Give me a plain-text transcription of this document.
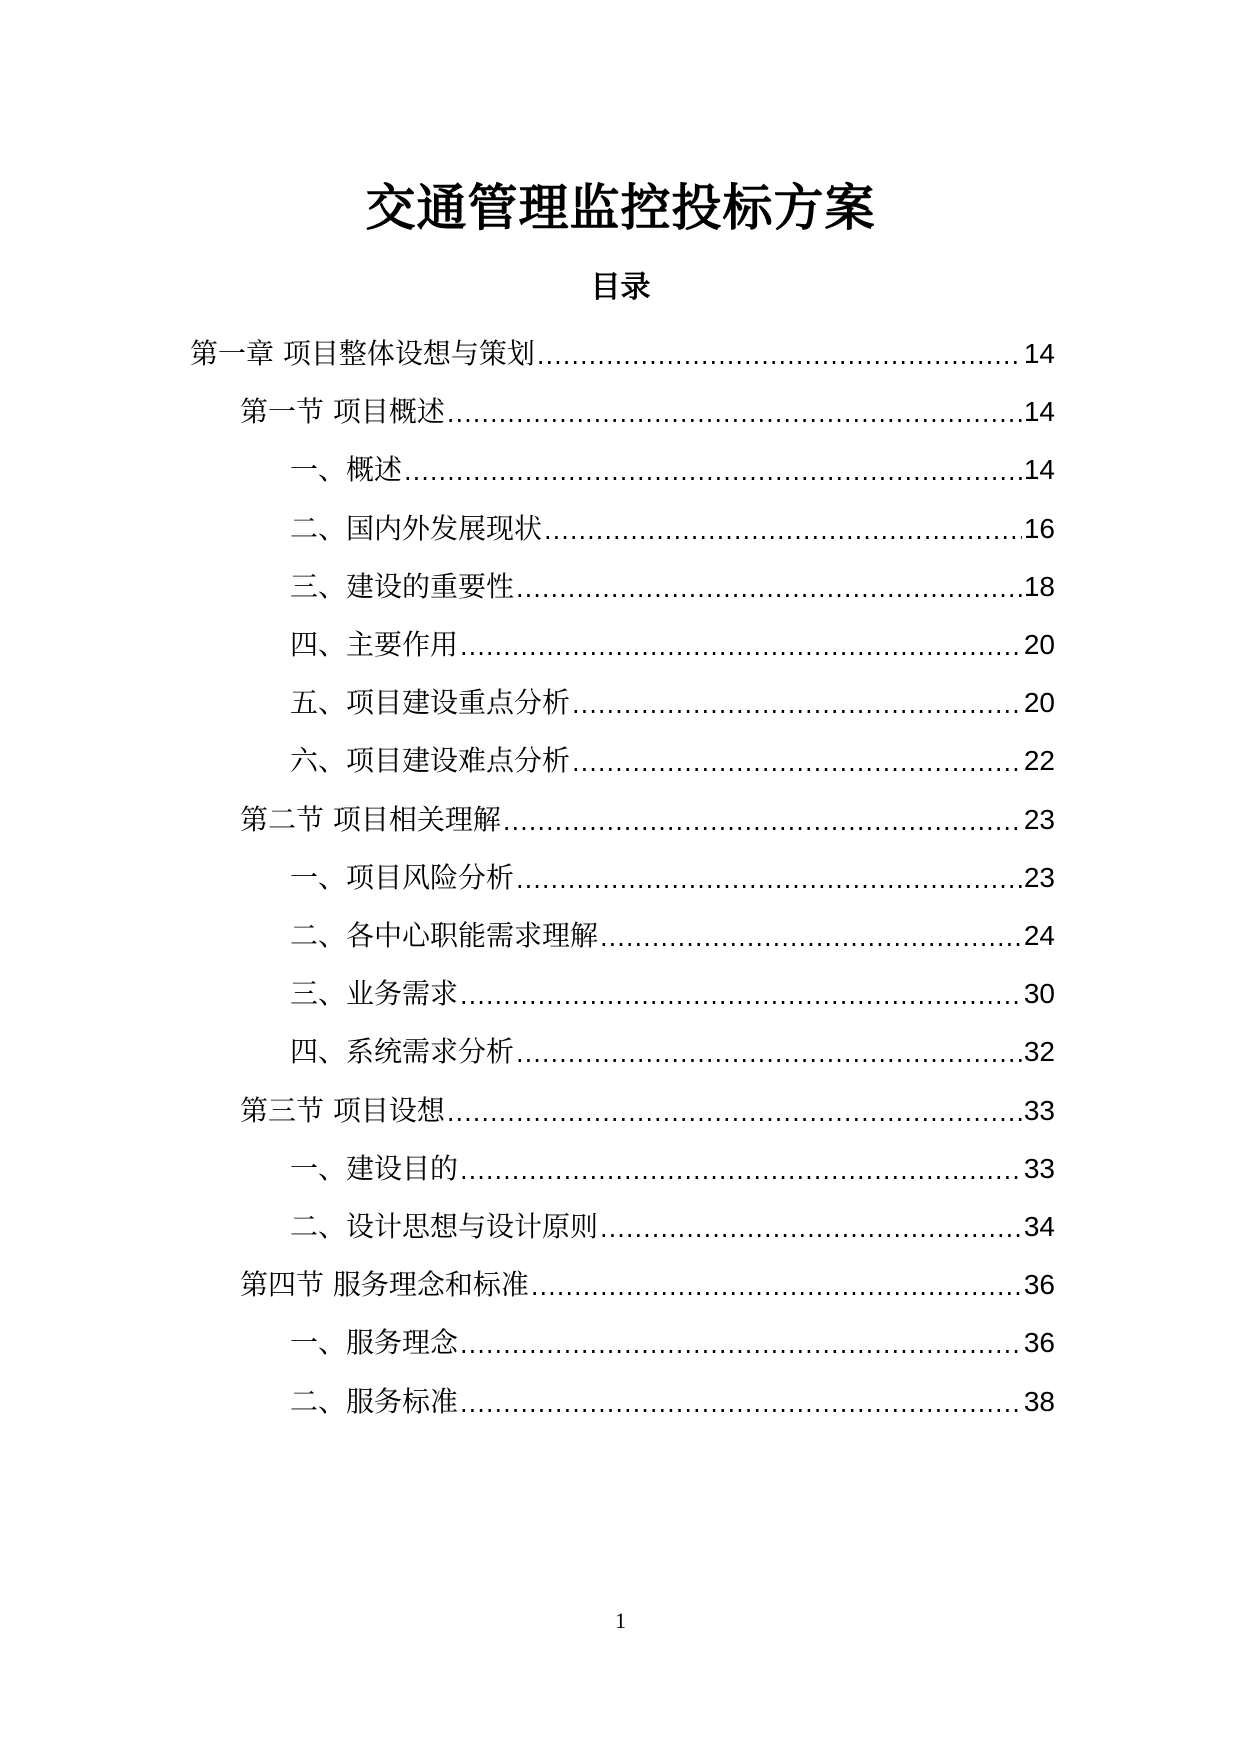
交通管理监控投标方案
目录
第一章 项目整体设想与策划 .....	14
第一节 项目概述 .....	14
一、概述 .....	14
二、国内外发展现状 .....	16
三、建设的重要性 .....	18
四、主要作用 .....	20
五、项目建设重点分析 .....	20
六、项目建设难点分析 .....	22
第二节 项目相关理解 .....	23
一、项目风险分析 .....	23
二、各中心职能需求理解 .....	24
三、业务需求 .....	30
四、系统需求分析 .....	32
第三节 项目设想 .....	33
一、建设目的 .....	33
二、设计思想与设计原则 .....	34
第四节 服务理念和标准 .....	36
一、服务理念 .....	36
二、服务标准 .....	38
1
